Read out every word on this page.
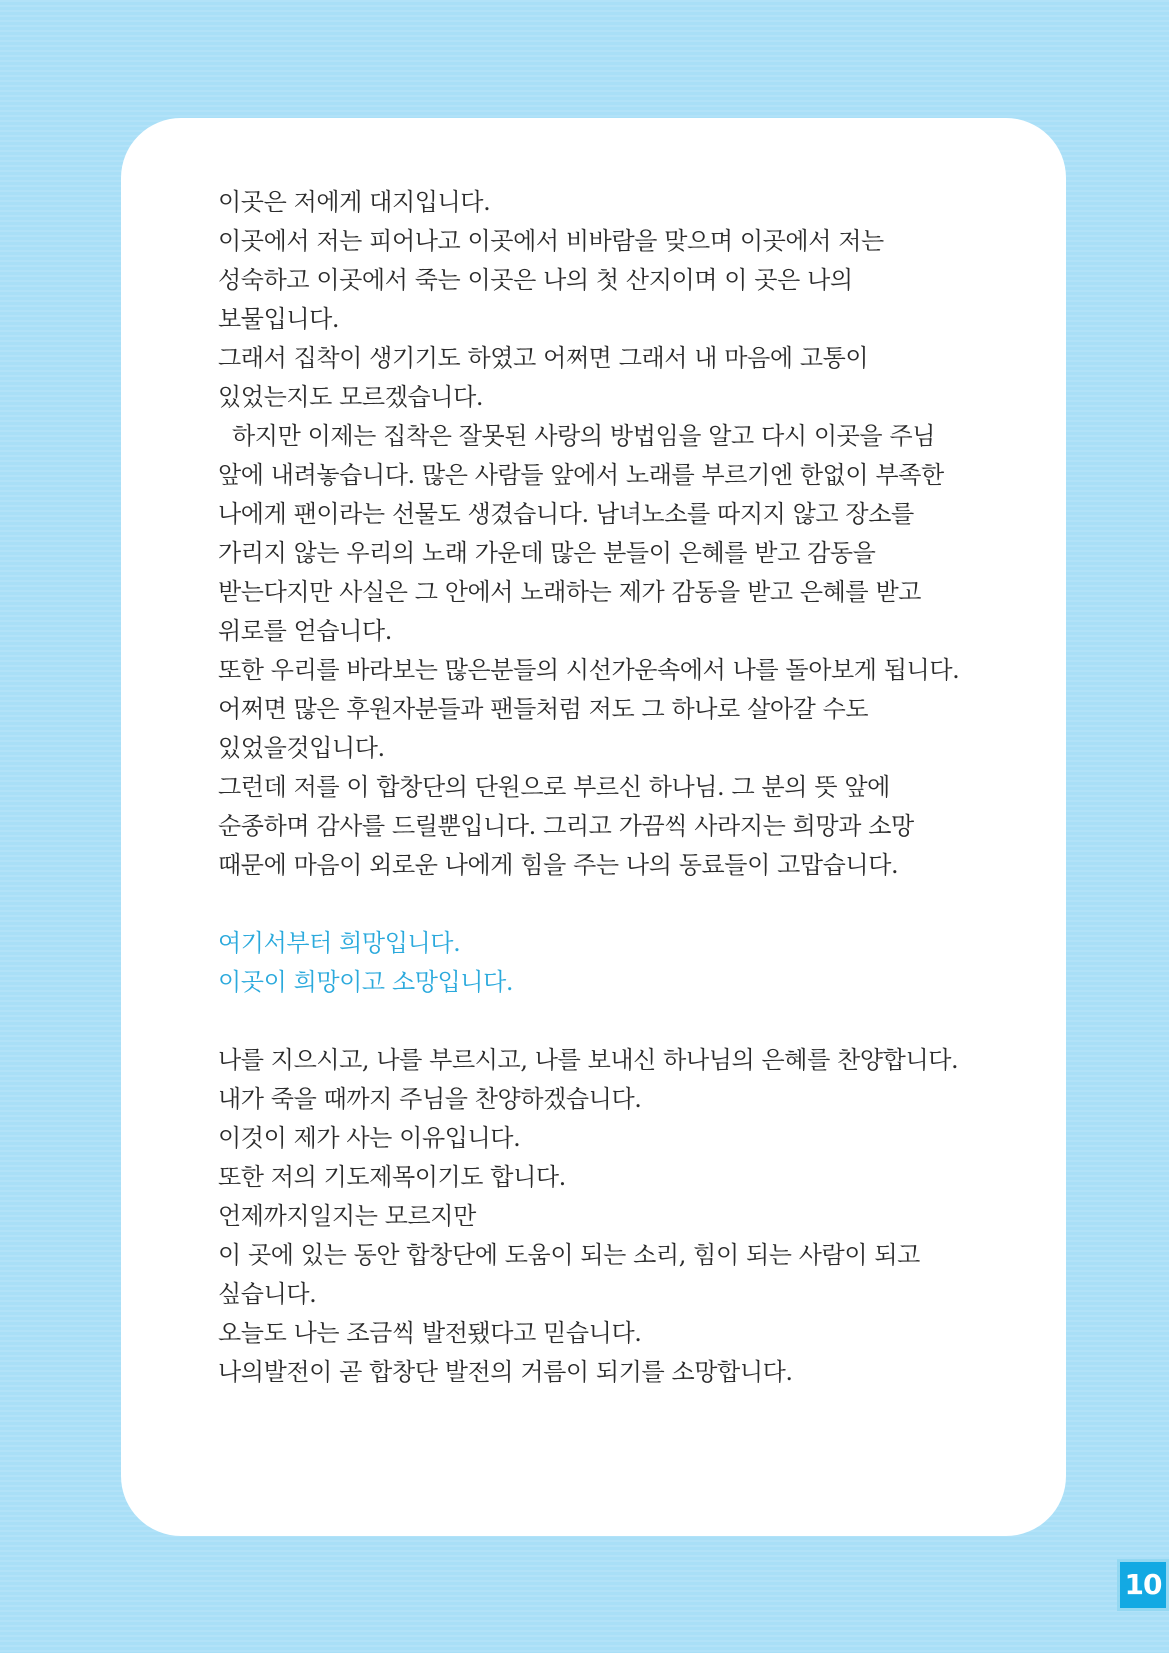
이곳은 저에게 대지입니다.

이곳에서 저는 피어나고 이곳에서 비바람을 맞으며 이곳에서 저는 성숙하고 이곳에서 죽는 이곳은 나의 첫 산지이며 이 곳은 나의 보물입니다.

그래서 집착이 생기기도 하였고 어쩌면 그래서 내 마음에 고통이 있었는지도 모르겠습니다.

하지만 이제는 집착은 잘못된 사랑의 방법임을 알고 다시 이곳을 주님 앞에 내려놓습니다. 많은 사람들 앞에서 노래를 부르기엔 한없이 부족한 나에게 팬이라는 선물도 생겼습니다. 남녀노소를 따지지 않고 장소를 가리지 않는 우리의 노래 가운데 많은 분들이 은혜를 받고 감동을 받는다지만 사실은 그 안에서 노래하는 제가 감동을 받고 은혜를 받고 위로를 얻습니다.

또한 우리를 바라보는 많은분들의 시선가운속에서 나를 돌아보게 됩니다.

어쩌면 많은 후원자분들과 팬들처럼 저도 그 하나로 살아갈 수도 있었을것입니다.

그런데 저를 이 합창단의 단원으로 부르신 하나님. 그 분의 뜻 앞에 순종하며 감사를 드릴뿐입니다. 그리고 가끔씩 사라지는 희망과 소망 때문에 마음이 외로운 나에게 힘을 주는 나의 동료들이 고맙습니다.

여기서부터 희망입니다.

이곳이 희망이고 소망입니다.

나를 지으시고, 나를 부르시고, 나를 보내신 하나님의 은혜를 찬양합니다.

내가 죽을 때까지 주님을 찬양하겠습니다.

이것이 제가 사는 이유입니다.

또한 저의 기도제목이기도 합니다.

언제까지일지는 모르지만

이 곳에 있는 동안 합창단에 도움이 되는 소리, 힘이 되는 사람이 되고 싶습니다.

오늘도 나는 조금씩 발전됐다고 믿습니다.

나의발전이 곧 합창단 발전의 거름이 되기를 소망합니다.

10
